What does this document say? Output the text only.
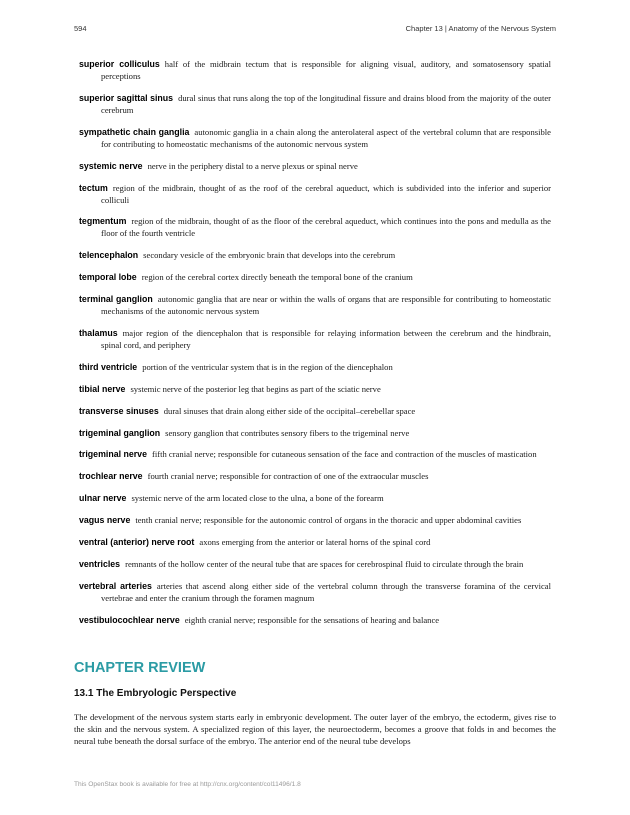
594	Chapter 13 | Anatomy of the Nervous System
superior colliculus half of the midbrain tectum that is responsible for aligning visual, auditory, and somatosensory spatial perceptions
superior sagittal sinus dural sinus that runs along the top of the longitudinal fissure and drains blood from the majority of the outer cerebrum
sympathetic chain ganglia autonomic ganglia in a chain along the anterolateral aspect of the vertebral column that are responsible for contributing to homeostatic mechanisms of the autonomic nervous system
systemic nerve nerve in the periphery distal to a nerve plexus or spinal nerve
tectum region of the midbrain, thought of as the roof of the cerebral aqueduct, which is subdivided into the inferior and superior colliculi
tegmentum region of the midbrain, thought of as the floor of the cerebral aqueduct, which continues into the pons and medulla as the floor of the fourth ventricle
telencephalon secondary vesicle of the embryonic brain that develops into the cerebrum
temporal lobe region of the cerebral cortex directly beneath the temporal bone of the cranium
terminal ganglion autonomic ganglia that are near or within the walls of organs that are responsible for contributing to homeostatic mechanisms of the autonomic nervous system
thalamus major region of the diencephalon that is responsible for relaying information between the cerebrum and the hindbrain, spinal cord, and periphery
third ventricle portion of the ventricular system that is in the region of the diencephalon
tibial nerve systemic nerve of the posterior leg that begins as part of the sciatic nerve
transverse sinuses dural sinuses that drain along either side of the occipital–cerebellar space
trigeminal ganglion sensory ganglion that contributes sensory fibers to the trigeminal nerve
trigeminal nerve fifth cranial nerve; responsible for cutaneous sensation of the face and contraction of the muscles of mastication
trochlear nerve fourth cranial nerve; responsible for contraction of one of the extraocular muscles
ulnar nerve systemic nerve of the arm located close to the ulna, a bone of the forearm
vagus nerve tenth cranial nerve; responsible for the autonomic control of organs in the thoracic and upper abdominal cavities
ventral (anterior) nerve root axons emerging from the anterior or lateral horns of the spinal cord
ventricles remnants of the hollow center of the neural tube that are spaces for cerebrospinal fluid to circulate through the brain
vertebral arteries arteries that ascend along either side of the vertebral column through the transverse foramina of the cervical vertebrae and enter the cranium through the foramen magnum
vestibulocochlear nerve eighth cranial nerve; responsible for the sensations of hearing and balance
CHAPTER REVIEW
13.1 The Embryologic Perspective

The development of the nervous system starts early in embryonic development. The outer layer of the embryo, the ectoderm, gives rise to the skin and the nervous system. A specialized region of this layer, the neuroectoderm, becomes a groove that folds in and becomes the neural tube beneath the dorsal surface of the embryo. The anterior end of the neural tube develops

This OpenStax book is available for free at http://cnx.org/content/col11496/1.8
